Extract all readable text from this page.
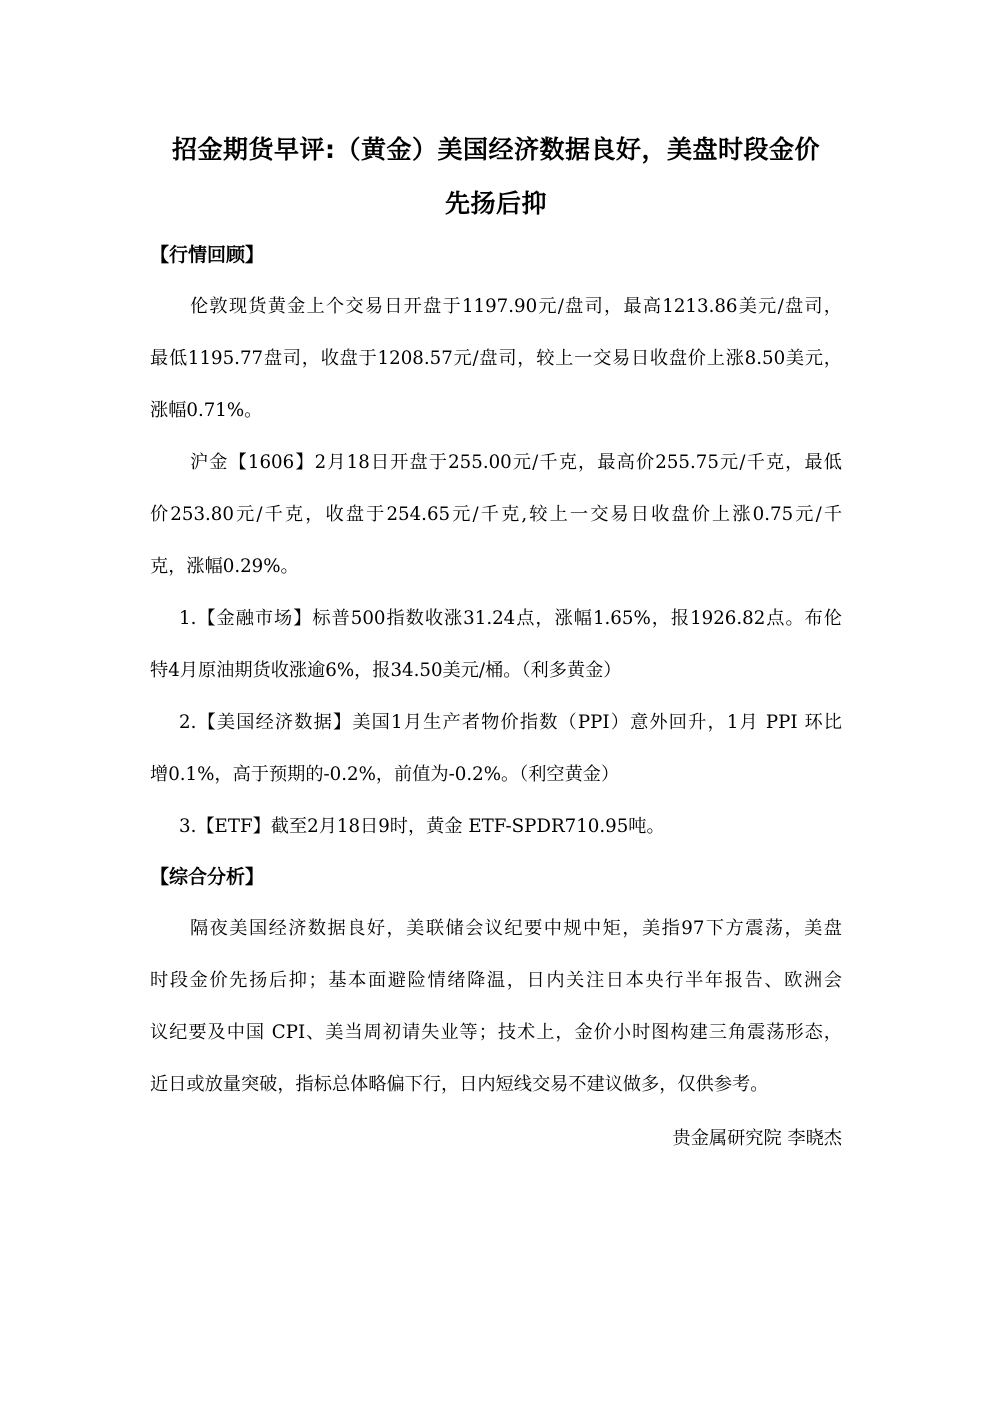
招金期货早评:（黄金）美国经济数据良好，美盘时段金价
先扬后抑
【行情回顾】
伦敦现货黄金上个交易日开盘于1197.90元/盘司，最高1213.86美元/盘司，
最低1195.77盘司，收盘于1208.57元/盘司，较上一交易日收盘价上涨8.50美元，
涨幅0.71%。
沪金【1606】2月18日开盘于255.00元/千克，最高价255.75元/千克，最低
价253.80元/千克，收盘于254.65元/千克,较上一交易日收盘价上涨0.75元/千
克，涨幅0.29%。
1.【金融市场】标普500指数收涨31.24点，涨幅1.65%，报1926.82点。布伦
特4月原油期货收涨逾6%，报34.50美元/桶。（利多黄金）
2.【美国经济数据】美国1月生产者物价指数（PPI）意外回升，1月 PPI 环比
增0.1%，高于预期的-0.2%，前值为-0.2%。（利空黄金）
3.【ETF】截至2月18日9时，黄金 ETF-SPDR710.95吨。
【综合分析】
隔夜美国经济数据良好，美联储会议纪要中规中矩，美指97下方震荡，美盘
时段金价先扬后抑；基本面避险情绪降温，日内关注日本央行半年报告、欧洲会
议纪要及中国 CPI、美当周初请失业等；技术上，金价小时图构建三角震荡形态，
近日或放量突破，指标总体略偏下行，日内短线交易不建议做多，仅供参考。
贵金属研究院 李晓杰
